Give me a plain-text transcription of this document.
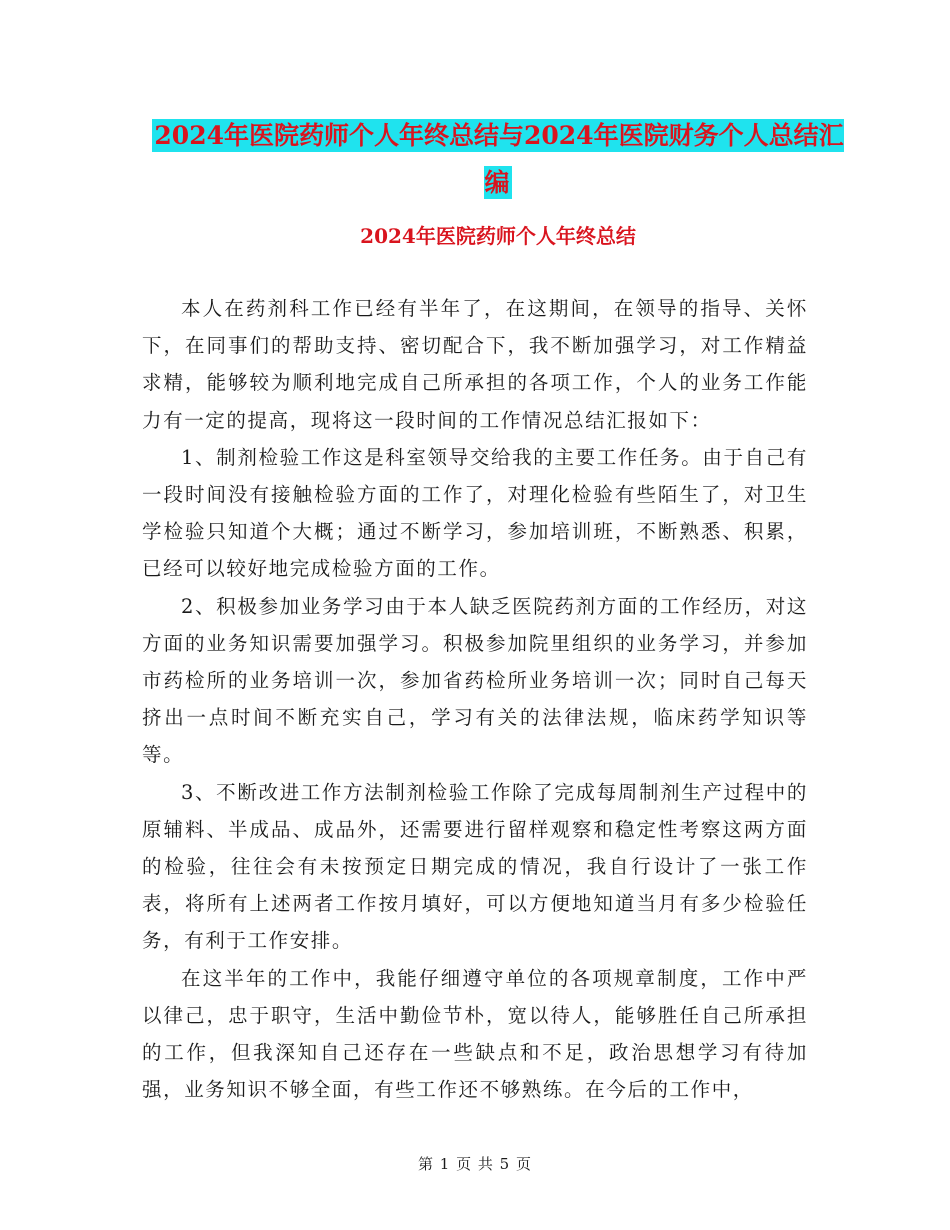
2024年医院药师个人年终总结与2024年医院财务个人总结汇编
2024年医院药师个人年终总结

本人在药剂科工作已经有半年了，在这期间，在领导的指导、关怀下，在同事们的帮助支持、密切配合下，我不断加强学习，对工作精益求精，能够较为顺利地完成自己所承担的各项工作，个人的业务工作能力有一定的提高，现将这一段时间的工作情况总结汇报如下：

1、制剂检验工作这是科室领导交给我的主要工作任务。由于自己有一段时间没有接触检验方面的工作了，对理化检验有些陌生了，对卫生学检验只知道个大概；通过不断学习，参加培训班，不断熟悉、积累，已经可以较好地完成检验方面的工作。

2、积极参加业务学习由于本人缺乏医院药剂方面的工作经历，对这方面的业务知识需要加强学习。积极参加院里组织的业务学习，并参加市药检所的业务培训一次，参加省药检所业务培训一次；同时自己每天挤出一点时间不断充实自己，学习有关的法律法规，临床药学知识等等。

3、不断改进工作方法制剂检验工作除了完成每周制剂生产过程中的原辅料、半成品、成品外，还需要进行留样观察和稳定性考察这两方面的检验，往往会有未按预定日期完成的情况，我自行设计了一张工作表，将所有上述两者工作按月填好，可以方便地知道当月有多少检验任务，有利于工作安排。

在这半年的工作中，我能仔细遵守单位的各项规章制度，工作中严以律己，忠于职守，生活中勤俭节朴，宽以待人，能够胜任自己所承担的工作，但我深知自己还存在一些缺点和不足，政治思想学习有待加强，业务知识不够全面，有些工作还不够熟练。在今后的工作中，

第 1 页 共 5 页
